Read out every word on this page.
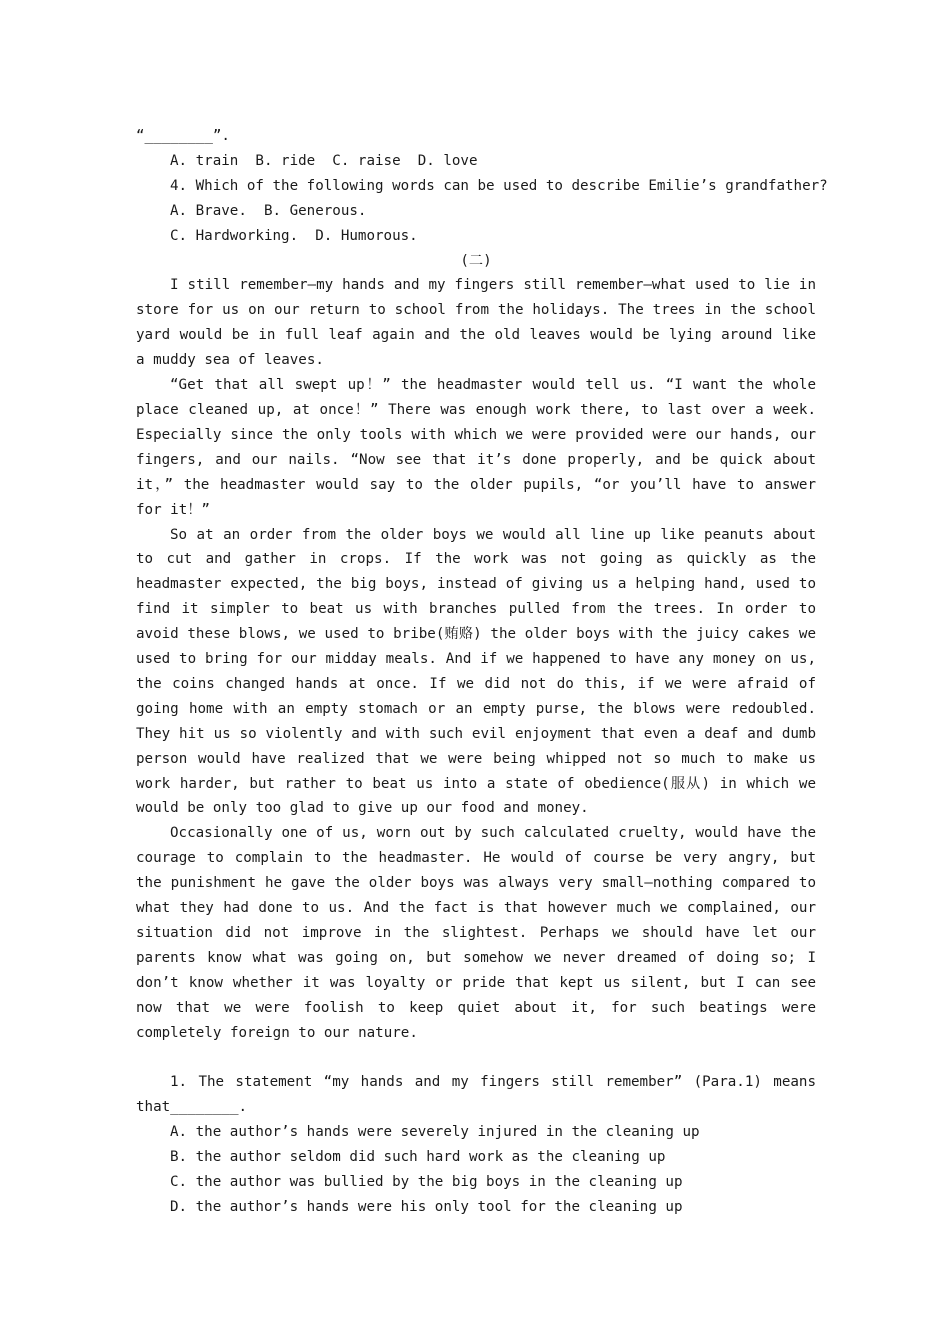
“________”.
A. train  B. ride  C. raise  D. love
4. Which of the following words can be used to describe Emilie’s grandfather?
A. Brave.  B. Generous.
C. Hardworking.  D. Humorous.
(二)

I still remember—my hands and my fingers still remember—what used to lie in store for us on our return to school from the holidays. The trees in the school yard would be in full leaf again and the old leaves would be lying around like a muddy sea of leaves.

“Get that all swept up！” the headmaster would tell us. “I want the whole place cleaned up, at once！” There was enough work there, to last over a week. Especially since the only tools with which we were provided were our hands, our fingers, and our nails. “Now see that it’s done properly, and be quick about it，” the headmaster would say to the older pupils, “or you’ll have to answer for it！”

So at an order from the older boys we would all line up like peanuts about to cut and gather in crops. If the work was not going as quickly as the headmaster expected, the big boys, instead of giving us a helping hand, used to find it simpler to beat us with branches pulled from the trees. In order to avoid these blows, we used to bribe(贿赂) the older boys with the juicy cakes we used to bring for our midday meals. And if we happened to have any money on us, the coins changed hands at once. If we did not do this, if we were afraid of going home with an empty stomach or an empty purse, the blows were redoubled. They hit us so violently and with such evil enjoyment that even a deaf and dumb person would have realized that we were being whipped not so much to make us work harder, but rather to beat us into a state of obedience(服从) in which we would be only too glad to give up our food and money.

Occasionally one of us, worn out by such calculated cruelty, would have the courage to complain to the headmaster. He would of course be very angry, but the punishment he gave the older boys was always very small—nothing compared to what they had done to us. And the fact is that however much we complained, our situation did not improve in the slightest. Perhaps we should have let our parents know what was going on, but somehow we never dreamed of doing so; I don’t know whether it was loyalty or pride that kept us silent, but I can see now that we were foolish to keep quiet about it, for such beatings were completely foreign to our nature.

1. The statement “my hands and my fingers still remember” (Para.1) means that________.

A. the author’s hands were severely injured in the cleaning up
B. the author seldom did such hard work as the cleaning up
C. the author was bullied by the big boys in the cleaning up
D. the author’s hands were his only tool for the cleaning up
